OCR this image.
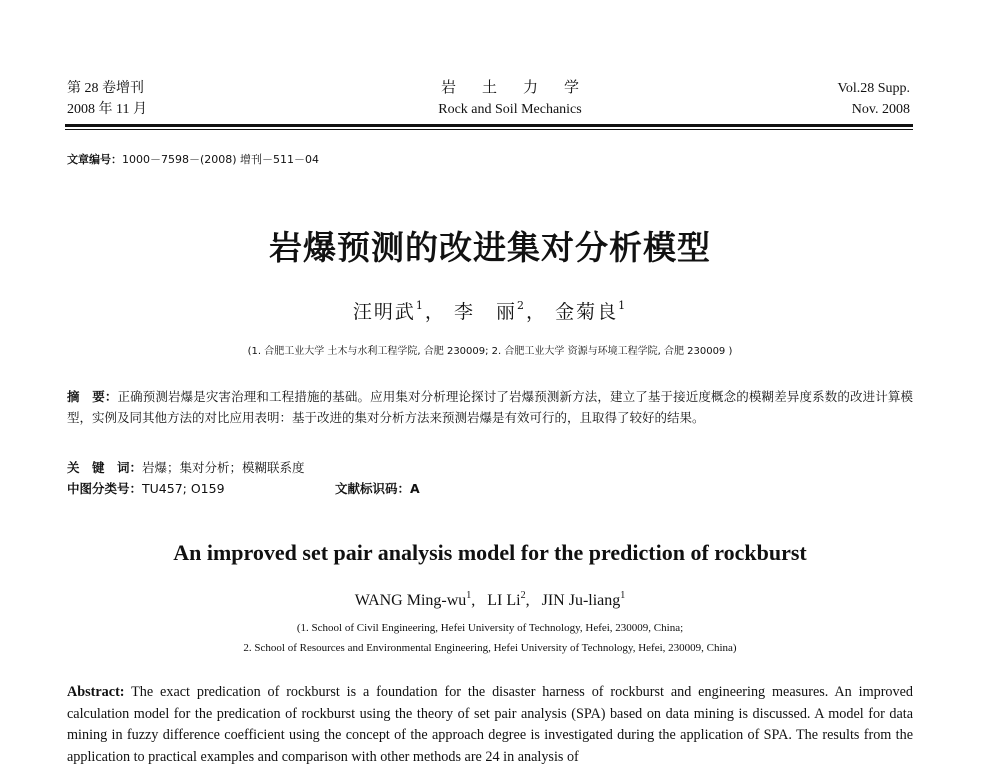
第 28 卷增刊
2008 年 11 月
岩土力学
Rock and Soil Mechanics
Vol.28 Supp.
Nov. 2008
文章编号：1000－7598－(2008) 增刊－511－04
岩爆预测的改进集对分析模型
汪明武$^1$， 李　丽$^2$， 金菊良$^1$
(1. 合肥工业大学 土木与水利工程学院, 合肥 230009; 2. 合肥工业大学 资源与环境工程学院, 合肥 230009 )
摘　要：正确预测岩爆是灾害治理和工程措施的基础。应用集对分析理论探讨了岩爆预测新方法，建立了基于接近度概念的模糊差异度系数的改进计算模型，实例及同其他方法的对比应用表明：基于改进的集对分析方法来预测岩爆是有效可行的，且取得了较好的结果。
关　键　词：岩爆；集对分析；模糊联系度
中图分类号：TU457; O159	文献标识码：A
An improved set pair analysis model for the prediction of rockburst
WANG Ming-$wu^1$, LI Li$^2$, JIN Ju-liang$^1$
(1. School of Civil Engineering, Hefei University of Technology, Hefei, 230009, China;
2. School of Resources and Environmental Engineering, Hefei University of Technology, Hefei, 230009, China)
Abstract: The exact predication of rockburst is a foundation for the disaster harness of rockburst and engineering measures. An improved calculation model for the predication of rockburst using the theory of set pair analysis (SPA) based on data mining is discussed. A model for data mining in fuzzy difference coefficient using the concept of the approach degree is investigated during the application of SPA. The results from the application to practical examples and comparison with other methods are 24 in analysis of
